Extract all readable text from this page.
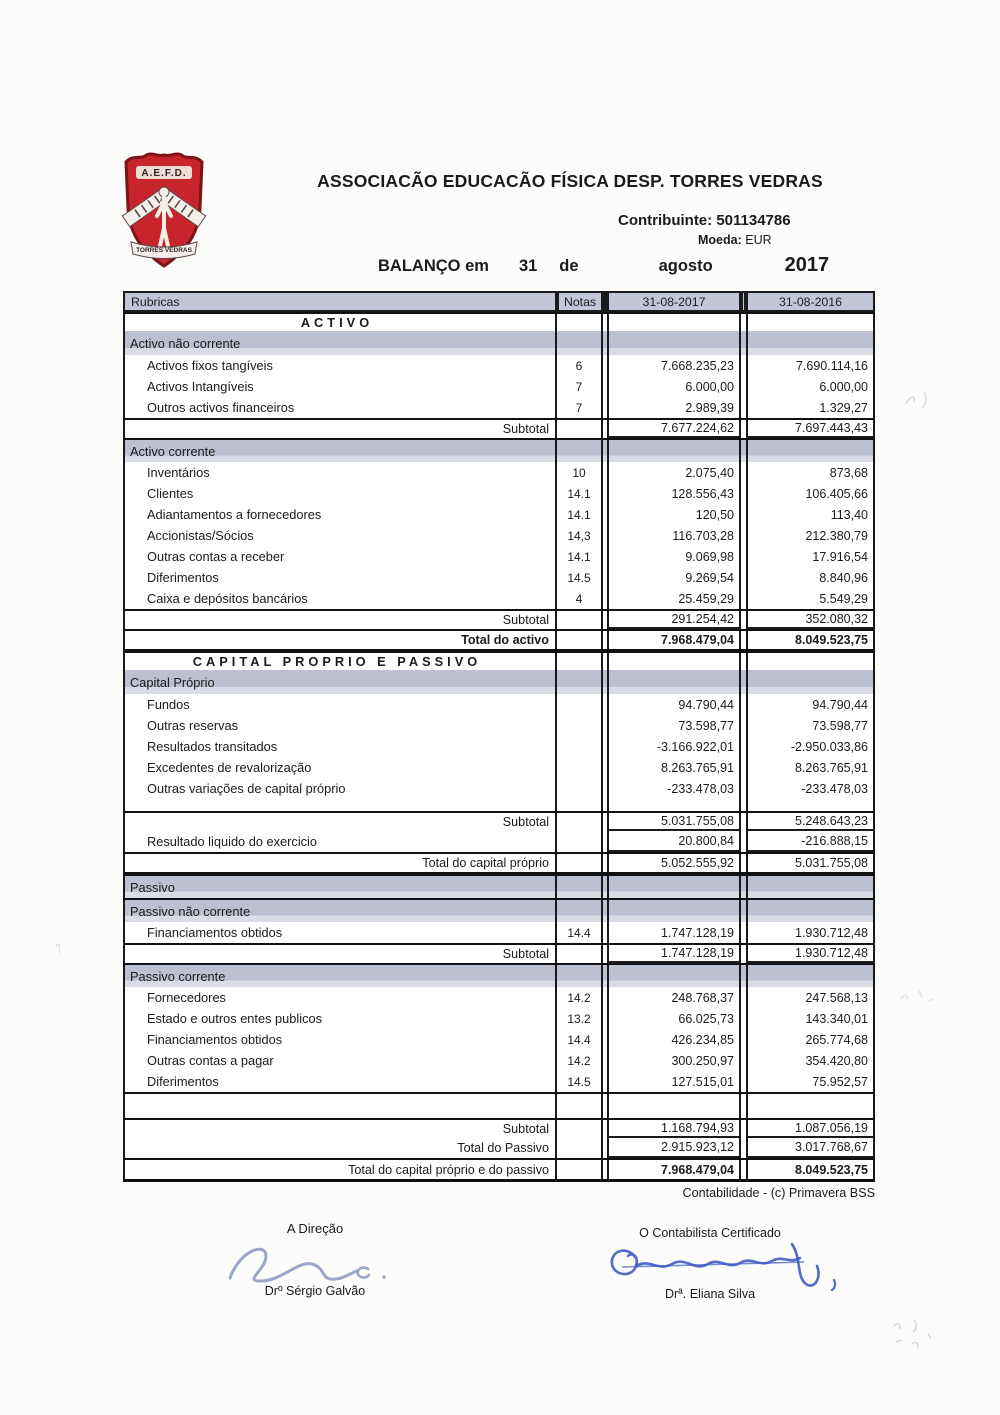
A.E.F.D.
TORRES VEDRAS
ASSOCIACÃO EDUCACÃO FÍSICA DESP. TORRES VEDRAS
Contribuinte: 501134786
Moeda: EUR
BALANÇO em 31 de	agosto	2017
Rubricas	Notas	31-08-2017	31-08-2016
ACTIVO
Activo não corrente
Activos fixos tangíveis	6	7.668.235,23	7.690.114,16
Activos Intangíveis	7	6.000,00	6.000,00
Outros activos financeiros	7	2.989,39	1.329,27
Subtotal	7.677.224,62	7.697.443,43
Activo corrente
Inventários	10	2.075,40	873,68
Clientes	14.1	128.556,43	106.405,66
Adiantamentos a fornecedores	14.1	120,50	113,40
Accionistas/Sócios	14,3	116.703,28	212.380,79
Outras contas a receber	14.1	9.069,98	17.916,54
Diferimentos	14.5	9.269,54	8.840,96
Caixa e depósitos bancários	4	25.459,29	5.549,29
Subtotal	291.254,42	352.080,32
Total do activo	7.968.479,04	8.049.523,75
CAPITAL PROPRIO E PASSIVO
Capital Próprio
Fundos	94.790,44	94.790,44
Outras reservas	73.598,77	73.598,77
Resultados transitados	-3.166.922,01	-2.950.033,86
Excedentes de revalorização	8.263.765,91	8.263.765,91
Outras variações de capital próprio	-233.478,03	-233.478,03
Subtotal	5.031.755,08	5.248.643,23
Resultado liquido do exercicio	20.800,84	-216.888,15
Total do capital próprio	5.052.555,92	5.031.755,08
Passivo
Passivo não corrente
Financiamentos obtidos	14.4	1.747.128,19	1.930.712,48
Subtotal	1.747.128,19	1.930.712,48
Passivo corrente
Fornecedores	14.2	248.768,37	247.568,13
Estado e outros entes publicos	13.2	66.025,73	143.340,01
Financiamentos obtidos	14.4	426.234,85	265.774,68
Outras contas a pagar	14.2	300.250,97	354.420,80
Diferimentos	14.5	127.515,01	75.952,57
Subtotal	1.168.794,93	1.087.056,19
Total do Passivo	2.915.923,12	3.017.768,67
Total do capital próprio e do passivo	7.968.479,04	8.049.523,75
Contabilidade - (c) Primavera BSS
A Direção
Drº Sérgio Galvão
O Contabilista Certificado
Drª. Eliana Silva
ߣ
